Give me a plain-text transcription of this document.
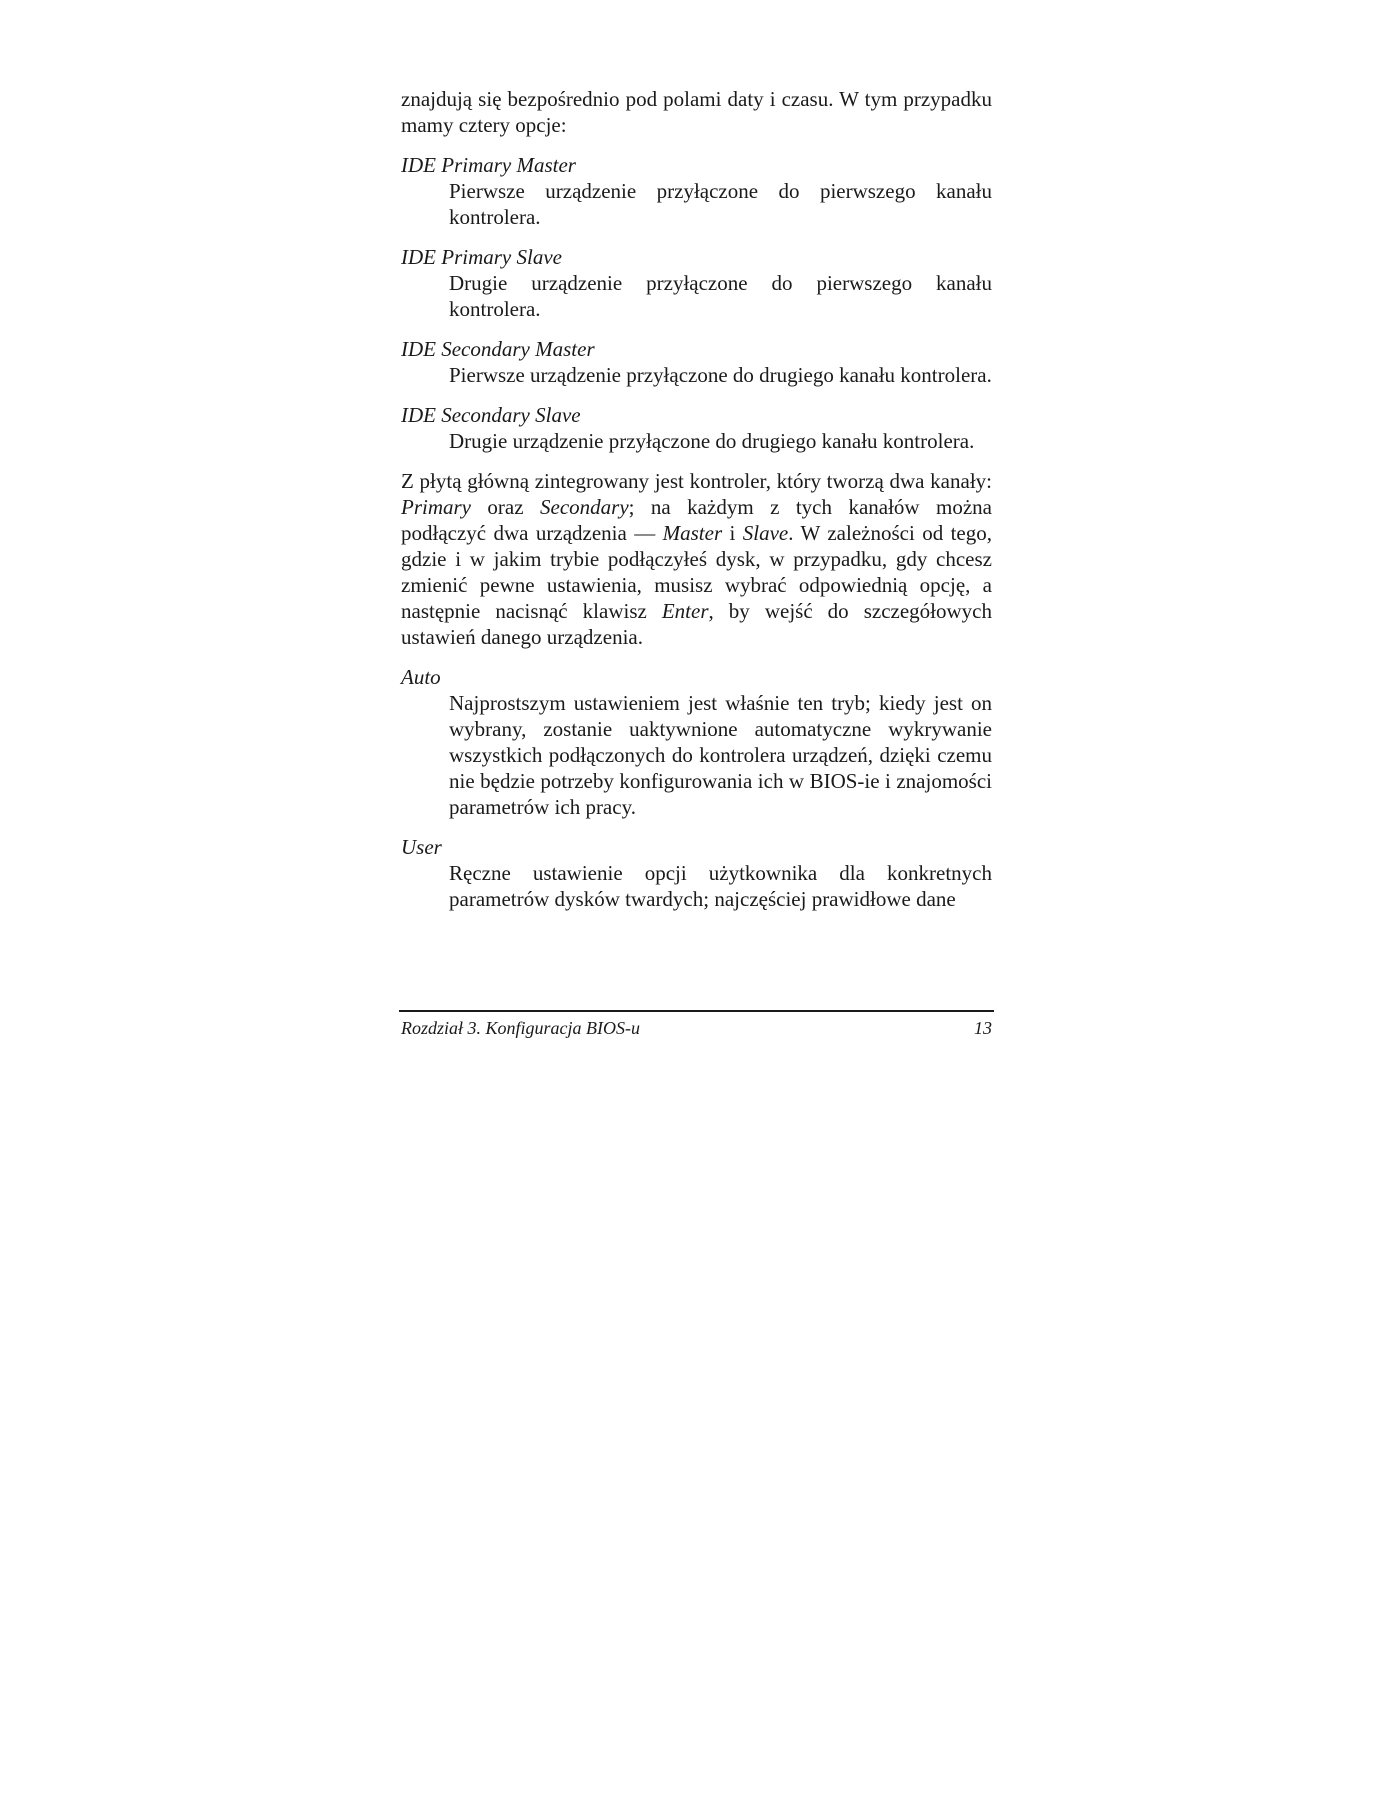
znajdują się bezpośrednio pod polami daty i czasu. W tym przypadku mamy cztery opcje:

IDE Primary Master

Pierwsze urządzenie przyłączone do pierwszego kanału kontrolera.

IDE Primary Slave

Drugie urządzenie przyłączone do pierwszego kanału kontrolera.

IDE Secondary Master

Pierwsze urządzenie przyłączone do drugiego kanału kontrolera.

IDE Secondary Slave

Drugie urządzenie przyłączone do drugiego kanału kontrolera.

Z płytą główną zintegrowany jest kontroler, który tworzą dwa kanały: Primary oraz Secondary; na każdym z tych kanałów można podłączyć dwa urządzenia — Master i Slave. W zależności od tego, gdzie i w jakim trybie podłączyłeś dysk, w przypadku, gdy chcesz zmienić pewne ustawienia, musisz wybrać odpowiednią opcję, a następnie nacisnąć klawisz Enter, by wejść do szczegółowych ustawień danego urządzenia.

Auto

Najprostszym ustawieniem jest właśnie ten tryb; kiedy jest on wybrany, zostanie uaktywnione automatyczne wykrywanie wszystkich podłączonych do kontrolera urządzeń, dzięki czemu nie będzie potrzeby konfigurowania ich w BIOS-ie i znajomości parametrów ich pracy.

User

Ręczne ustawienie opcji użytkownika dla konkretnych parametrów dysków twardych; najczęściej prawidłowe dane

Rozdział 3. Konfiguracja BIOS-u	13
